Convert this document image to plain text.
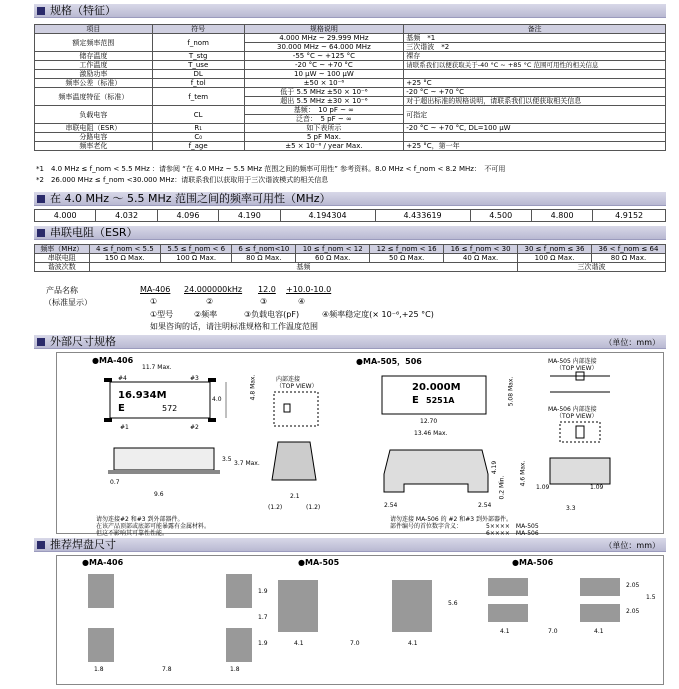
规格（特征）
项目	符号	规格说明	备注
额定频率范围	f_nom	4.000 MHz ~ 29.999 MHz	基频　*1
		30.000 MHz ~ 64.000 MHz	三次谐波　*2
储存温度	T_stg	-55 °C ~ +125 °C	裸存
工作温度	T_use	-20 °C ~ +70 °C	请联系我们以便获取关于-40 °C ~ +85 °C 范围可用性的相关信息
激励功率	DL	10 µW ~ 100 µW	
频率公差（标准）	f_tol	±50 × 10⁻⁶	+25 °C
频率温度特征（标准）	f_tem	低于 5.5 MHz ±50 × 10⁻⁶	-20 °C ~ +70 °C
		超出 5.5 MHz ±30 × 10⁻⁶	对于超出标准的规格说明，请联系我们以便获取相关信息
负载电容	CL	基频：　10 pF ~ ∞	可指定
		泛音：　5 pF ~ ∞	
串联电阻（ESR）	R₁	如下表所示	-20 °C ~ +70 °C, DL=100 µW
分路电容	C₀	5 pF Max.	
频率老化	f_age	±5 × 10⁻⁶ / year Max.	+25 °C，第一年
*1　4.0 MHz ≤ f_nom < 5.5 MHz ：请参阅 “在 4.0 MHz ~ 5.5 MHz 范围之间的频率可用性” 参考资料。8.0 MHz < f_nom < 8.2 MHz：　不可用
*2　26.000 MHz ≤ f_nom <30.000 MHz：请联系我们以获取用于三次谐波模式的相关信息
在 4.0 MHz ～ 5.5 MHz 范围之间的频率可用性（MHz）
4.000	4.032	4.096	4.190	4.194304	4.433619	4.500	4.800	4.9152
串联电阻（ESR）
频率（MHz）	4 ≤ f_nom < 5.5	5.5 ≤ f_nom < 6	6 ≤ f_nom<10	10 ≤ f_nom < 12	12 ≤ f_nom < 16	16 ≤ f_nom < 30	30 ≤ f_nom ≤ 36	36 < f_nom ≤ 64
串联电阻	150 Ω Max.	100 Ω Max.	80 Ω Max.	60 Ω Max.	50 Ω Max.	40 Ω Max.	100 Ω Max.	80 Ω Max.
谐波次数	基频						三次谐波	
产品名称
（标准显示）
MA-406 24.000000kHz 12.0 +10.0-10.0
①	②	③	④
①型号	②频率	③负载电容(pF)	④频率稳定度(× 10⁻⁶,+25 °C)
如果咨询的话，请注明标准规格和工作温度范围
外部尺寸规格	（单位：mm）
●MA-406
11.7 Max.
#4	#3
16.934M
E	572
#1	#2
4.0	4.8 Max.
0.7
9.6
3.5
3.7 Max.
内部连接
（TOP VIEW）
2.1
(1.2)	(1.2)
●MA-505，506
20.000M
E 5251A
12.70
13.46 Max.
5.08 Max.
2.54	2.54
4.19	4.6 Max.
0.2 Min.
MA-505 内部连接
（TOP VIEW）
MA-506 内部连接
（TOP VIEW）
1.09	1.09
3.3
请勿连接#2 和#3 到外部器件。
在该产品顶部或底部可能暴露有金属材料。
但这不影响其可靠性性能。
请勿连接 MA-506 的 #2 和#3 到外部器件。
部件编号的首位数字含义：	5××××　MA-505
6××××　MA-506
推荐焊盘尺寸	（单位：mm）
●MA-406
1.9
1.7
1.9
1.8	7.8	1.8
●MA-505
5.6
4.1	7.0	4.1
●MA-506
2.05
1.5
2.05
4.1	7.0	4.1
